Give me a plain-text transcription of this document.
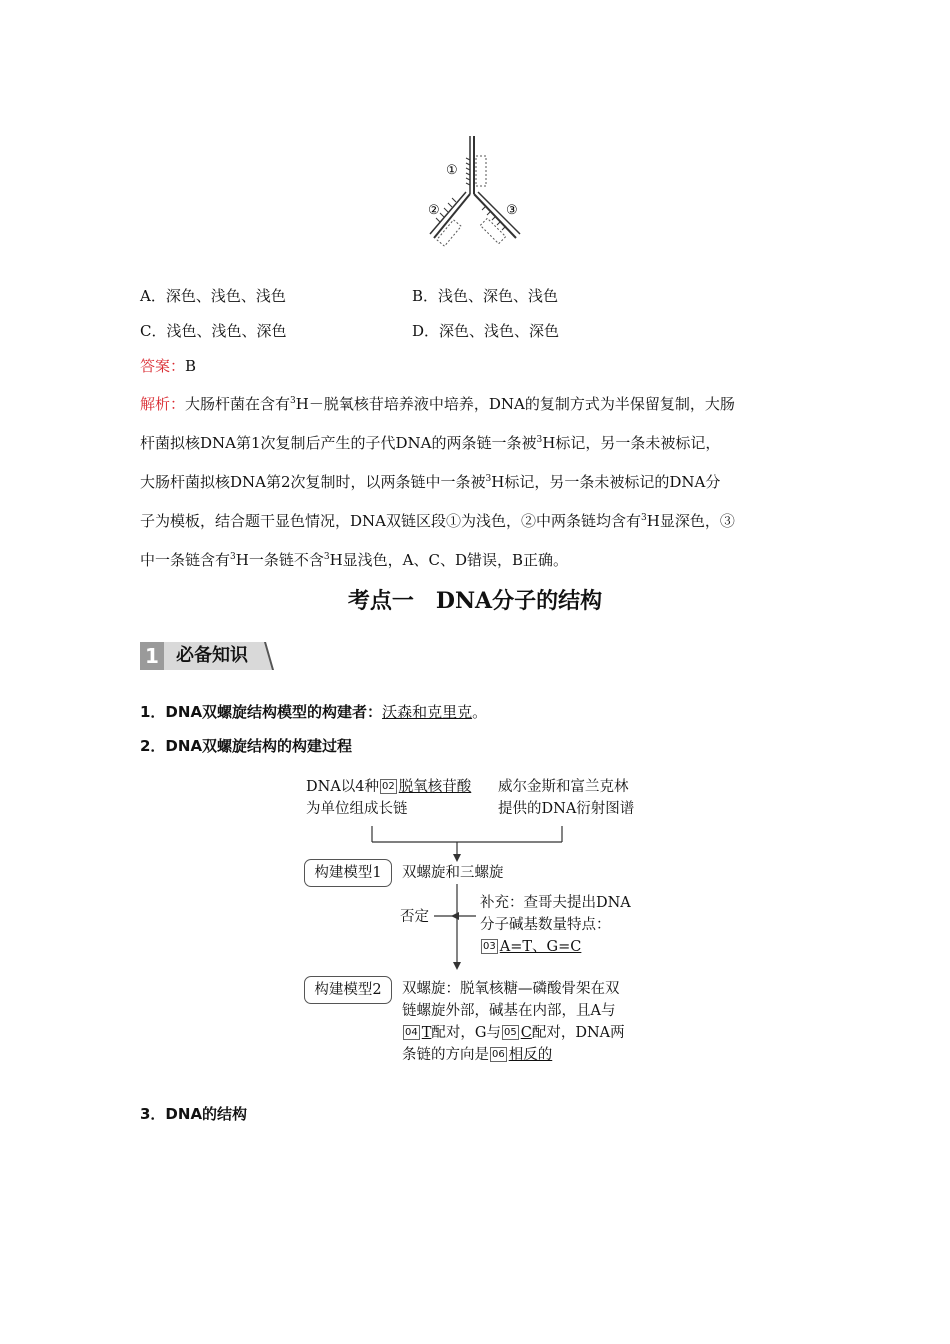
①
②	③
A．深色、浅色、浅色	B．浅色、深色、浅色
C．浅色、浅色、深色	D．深色、浅色、深色
答案：B
解析：大肠杆菌在含有$^3$H－脱氧核苷培养液中培养，DNA的复制方式为半保留复制，大肠
杆菌拟核DNA第1次复制后产生的子代DNA的两条链一条被$^3$H标记，另一条未被标记，
大肠杆菌拟核DNA第2次复制时，以两条链中一条被$^3$H标记，另一条未被标记的DNA分
子为模板，结合题干显色情况，DNA双链区段①为浅色，②中两条链均含有$^3$H显深色，③
中一条链含有$^3$H一条链不含$^3$H显浅色，A、C、D错误，B正确。
考点一　DNA分子的结构
1 必备知识
1．DNA双螺旋结构模型的构建者：沃森和克里克。
2．DNA双螺旋结构的构建过程
DNA以4种 02 脱氧核苷酸
为单位组成长链
威尔金斯和富兰克林
提供的DNA衍射图谱
构建模型1	双螺旋和三螺旋
否定
补充：查哥夫提出DNA
分子碱基数量特点：
03 A=T、G=C
构建模型2	双螺旋：脱氧核糖—磷酸骨架在双
链螺旋外部，碱基在内部，且A与
04 T配对，G与 05 C配对，DNA两
条链的方向是 06 相反的
3．DNA的结构
